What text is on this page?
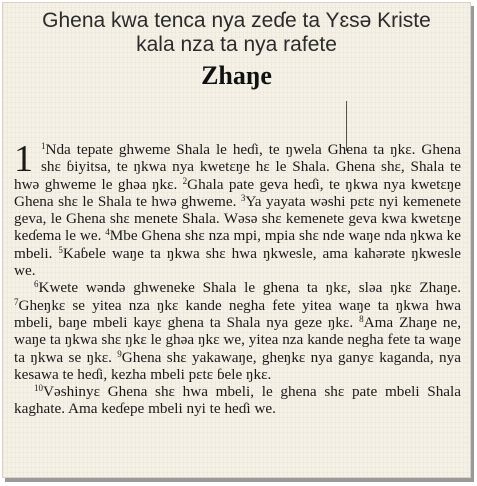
Ghena kwa tenca nya zeɗe ta Yɛsə Kriste
kala nza ta nya rafete
Zhaŋe

1 $^1$Nda tepate ghweme Shala le heɗi, te ŋwela Ghena ta ŋkɛ. Ghena shɛ ɓiyitsa, te ŋkwa nya kwetɛŋe hɛ le Shala. Ghena shɛ, Shala te hwə ghweme le ghəa ŋkɛ. $^2$Ghala pate geva heɗi, te ŋkwa nya kwetɛŋe Ghena shɛ le Shala te hwə ghweme. $^3$Ya yayata wəshi pɛtɛ nyi kemenete geva, le Ghena shɛ menete Shala. Wəsə shɛ kemenete geva kwa kwetɛŋe keɗema le we. $^4$Mbe Ghena shɛ nza mpi, mpia shɛ nde waŋe nda ŋkwa ke mbeli. $^5$Kaɓele waŋe ta ŋkwa shɛ hwa ŋkwesle, ama kahərəte ŋkwesle we.

$^6$Kwete wəndə ghweneke Shala le ghena ta ŋkɛ, sləa ŋkɛ Zhaŋe. $^7$Gheŋkɛ se yitea nza ŋkɛ kande negha fete yitea waŋe ta ŋkwa hwa mbeli, baŋe mbeli kayɛ ghena ta Shala nya geze ŋkɛ. $^8$Ama Zhaŋe ne, waŋe ta ŋkwa shɛ ŋkɛ le ghəa ŋkɛ we, yitea nza kande negha fete ta waŋe ta ŋkwa se ŋkɛ. $^9$Ghena shɛ yakawaŋe, gheŋkɛ nya ganyɛ kaganda, nya kesawa te heɗi, kezha mbeli pɛtɛ ɓele ŋkɛ.

$^{10}$Vəshinyɛ Ghena shɛ hwa mbeli, le ghena shɛ pate mbeli Shala kaghate. Ama keɗepe mbeli nyi te heɗi we.
